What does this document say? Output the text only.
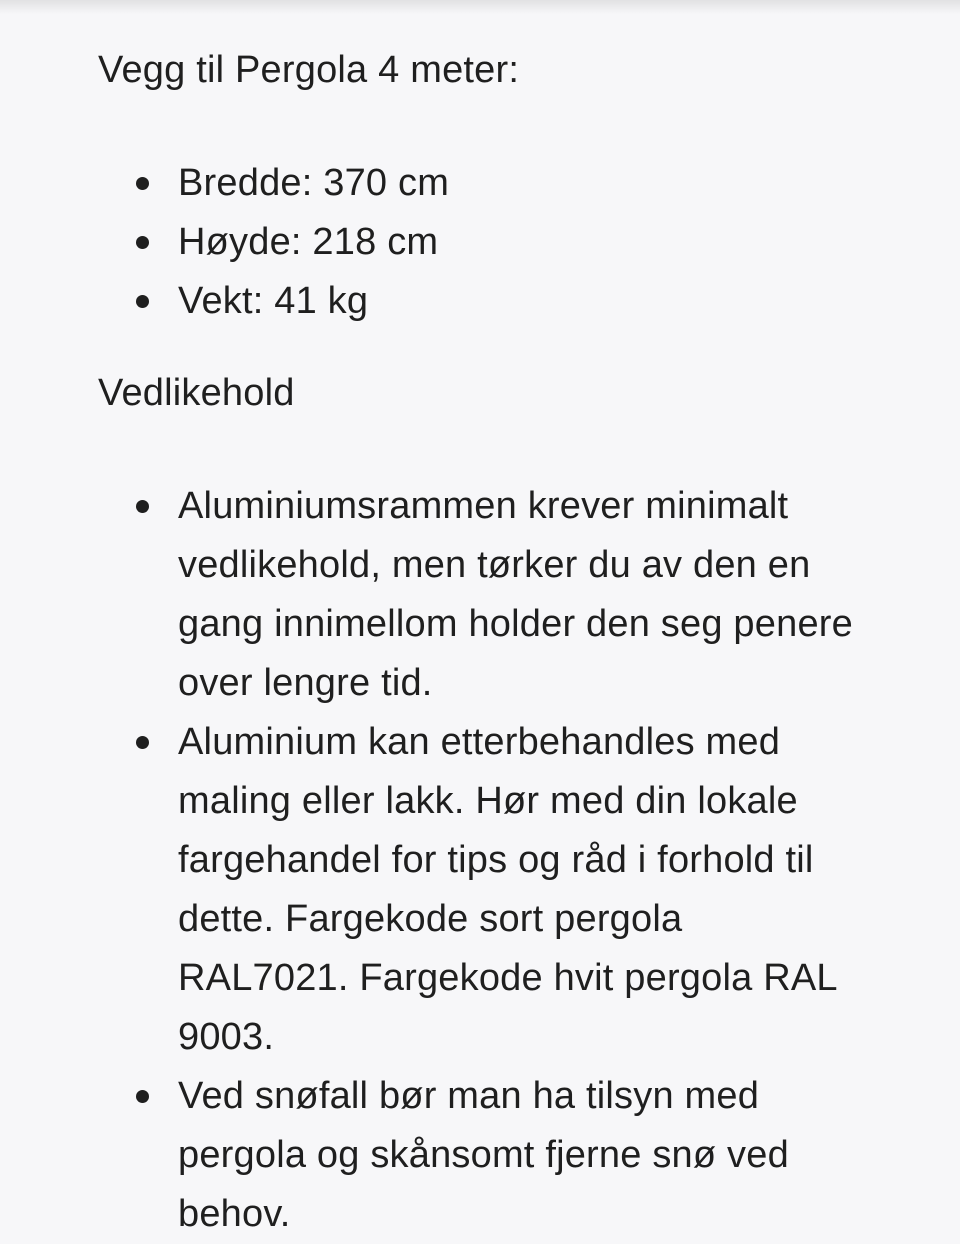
Vegg til Pergola 4 meter:

Bredde: 370 cm
Høyde: 218 cm
Vekt: 41 kg

Vedlikehold

Aluminiumsrammen krever minimalt vedlikehold, men tørker du av den en gang innimellom holder den seg penere over lengre tid.
Aluminium kan etterbehandles med maling eller lakk. Hør med din lokale fargehandel for tips og råd i forhold til dette. Fargekode sort pergola RAL7021. Fargekode hvit pergola RAL 9003.
Ved snøfall bør man ha tilsyn med pergola og skånsomt fjerne snø ved behov.
